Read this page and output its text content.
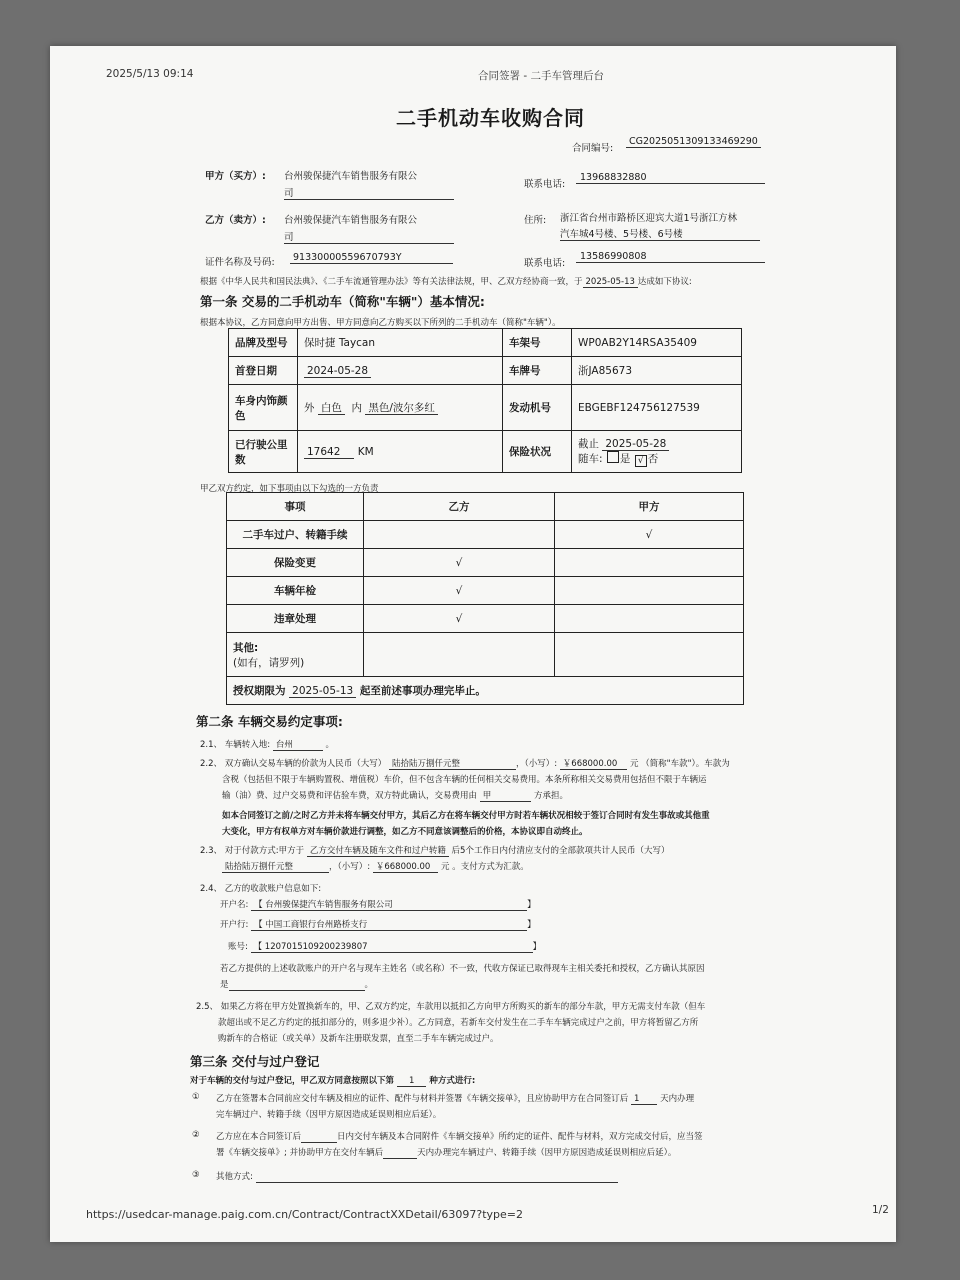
2025/5/13 09:14	合同签署 - 二手车管理后台
二手机动车收购合同
合同编号:
CG2025051309133469290
甲方（买方）: 台州骏保捷汽车销售服务有限公
司
联系电话:
13968832880
乙方（卖方）: 台州骏保捷汽车销售服务有限公
司
住所: 浙江省台州市路桥区迎宾大道1号浙江方林
汽车城4号楼、5号楼、6号楼
证件名称及号码:	91330000559670793Y
联系电话:
13586990808
根据《中华人民共和国民法典》、《二手车流通管理办法》等有关法律法规，甲、乙双方经协商一致，于 2025-05-13 达成如下协议:
第一条 交易的二手机动车（简称"车辆"）基本情况:
根据本协议，乙方同意向甲方出售、甲方同意向乙方购买以下所列的二手机动车（简称"车辆"）。
品牌及型号	保时捷 Taycan	车架号	WP0AB2Y14RSA35409
首登日期	2024-05-28	车牌号	浙JA85673
车身内饰颜色	外 白色 内 黑色/波尔多红	发动机号	EBGEBF124756127539
已行驶公里数	17642 KM	保险状况	截止 2025-05-28
随车: 是 √ 否
甲乙双方约定，如下事项由以下勾选的一方负责
事项	乙方	甲方
二手车过户、转籍手续		√
保险变更	√	
车辆年检	√	
违章处理	√	

其他:
(如有，请罗列)		

授权期限为 2025-05-13 起至前述事项办理完毕止。		
第二条 车辆交易约定事项:
2.1、 车辆转入地: 台州	。
2.2、 双方确认交易车辆的价款为人民币（大写） 陆拾陆万捌仟元整	，（小写）: ￥668000.00 元 （简称"车款"）。车款为
含税（包括但不限于车辆购置税、增值税）车价，但不包含车辆的任何相关交易费用。本条所称相关交易费用包括但不限于车辆运
输（油）费、过户交易费和评估验车费，双方特此确认，交易费用由 甲	方承担。
如本合同签订之前/之时乙方并未将车辆交付甲方，其后乙方在将车辆交付甲方时若车辆状况相较于签订合同时有发生事故或其他重
大变化，甲方有权单方对车辆价款进行调整，如乙方不同意该调整后的价格，本协议即自动终止。
2.3、 对于付款方式:甲方于 乙方交付车辆及随车文件和过户转籍 后5个工作日内付清应支付的全部款项共计人民币（大写）
陆拾陆万捌仟元整	，（小写）: ￥668000.00 元 。支付方式为汇款。
2.4、 乙方的收款账户信息如下:
开户名: 【 台州骏保捷汽车销售服务有限公司	】
开户行: 【 中国工商银行台州路桥支行	】
账号: 【 1207015109200239807	】
若乙方提供的上述收款账户的开户名与现车主姓名（或名称）不一致，代收方保证已取得现车主相关委托和授权，乙方确认其原因
是	。
2.5、 如果乙方将在甲方处置换新车的，甲、乙双方约定，车款用以抵扣乙方向甲方所购买的新车的部分车款，甲方无需支付车款（但车
款超出或不足乙方约定的抵扣部分的，则多退少补）。乙方同意，若新车交付发生在二手车车辆完成过户之前，甲方将暂留乙方所
购新车的合格证（或关单）及新车注册联发票，直至二手车车辆完成过户。
第三条 交付与过户登记
对于车辆的交付与过户登记，甲乙双方同意按照以下第 1 种方式进行:
① 乙方在签署本合同前应交付车辆及相应的证件、配件与材料并签署《车辆交接单》，且应协助甲方在合同签订后 1 天内办理
完车辆过户、转籍手续（因甲方原因造成延误则相应后延）。
② 乙方应在本合同签订后	日内交付车辆及本合同附件《车辆交接单》所约定的证件、配件与材料，双方完成交付后，应当签
署《车辆交接单》; 并协助甲方在交付车辆后	天内办理完车辆过户、转籍手续（因甲方原因造成延误则相应后延）。
③ 其他方式:
https://usedcar-manage.paig.com.cn/Contract/ContractXXDetail/63097?type=2	1/2
